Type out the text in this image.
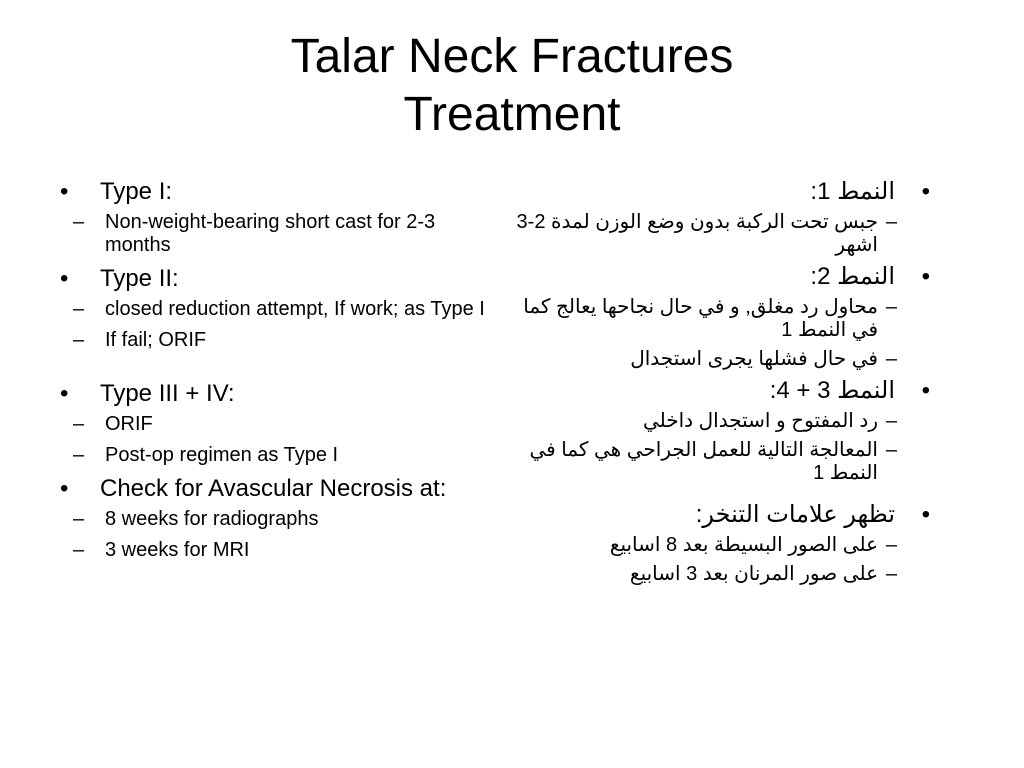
Talar Neck Fractures
Treatment
• Type I:
– Non-weight-bearing short cast for 2-3 months
• Type II:
– closed reduction attempt, If work; as Type I
– If fail; ORIF
• Type III + IV:
– ORIF
– Post-op regimen as Type I
• Check for Avascular Necrosis at:
– 8 weeks for radiographs
– 3 weeks for MRI
•
النمط 1:
–
جبس تحت الركبة بدون وضع الوزن لمدة 2-3 اشهر
•
النمط 2:
–
محاول رد مغلق, و في حال نجاحها يعالج كما في النمط 1
–
في حال فشلها يجرى استجدال
•
النمط 3 + 4:
–
رد المفتوح و استجدال داخلي
–
المعالجة التالية للعمل الجراحي هي كما في النمط 1
•
تظهر علامات التنخر:
–
على الصور البسيطة بعد 8 اسابيع
–
على صور المرنان بعد 3 اسابيع
